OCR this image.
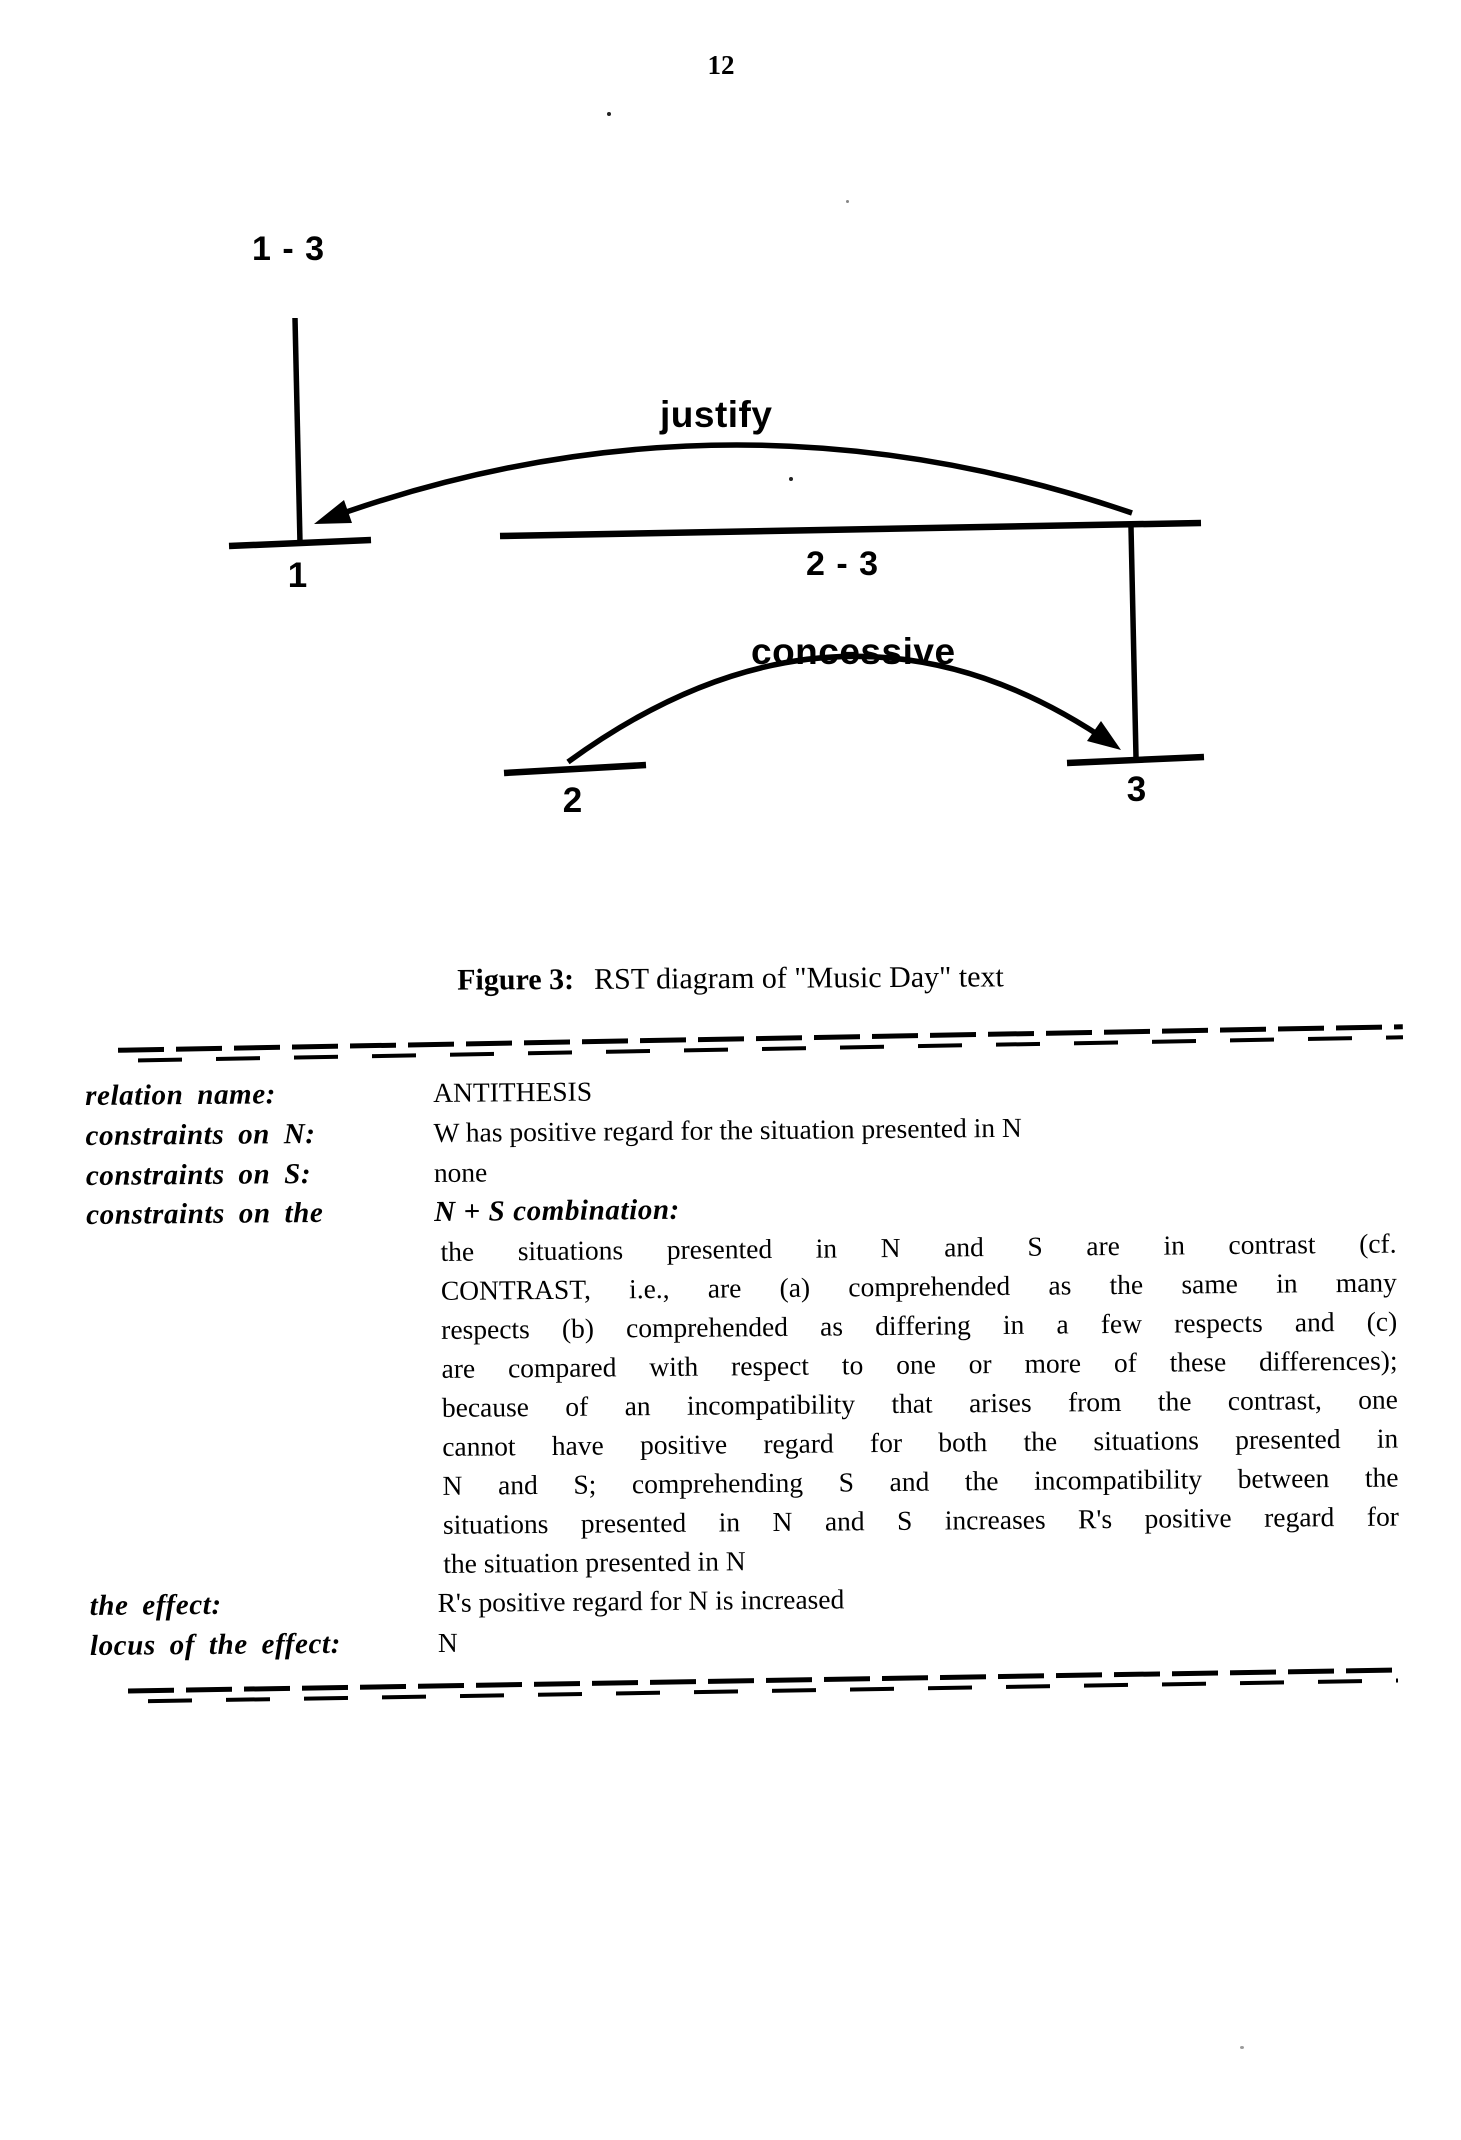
12
1 - 3
justify
2 - 3
concessive
1
2	3
Figure 3: RST diagram of "Music Day" text
relation name:	ANTITHESIS
constraints on N:	W has positive regard for the situation presented in N
constraints on S:	none
constraints on the	N + S combination:
the situations presented in N and S are in contrast (cf.
CONTRAST, i.e., are (a) comprehended as the same in many
respects (b) comprehended as differing in a few respects and (c)
are compared with respect to one or more of these differences);
because of an incompatibility that arises from the contrast, one
cannot have positive regard for both the situations presented in
N and S; comprehending S and the incompatibility between the
situations presented in N and S increases R's positive regard for
the situation presented in N
the effect:	R's positive regard for N is increased
locus of the effect:	N
